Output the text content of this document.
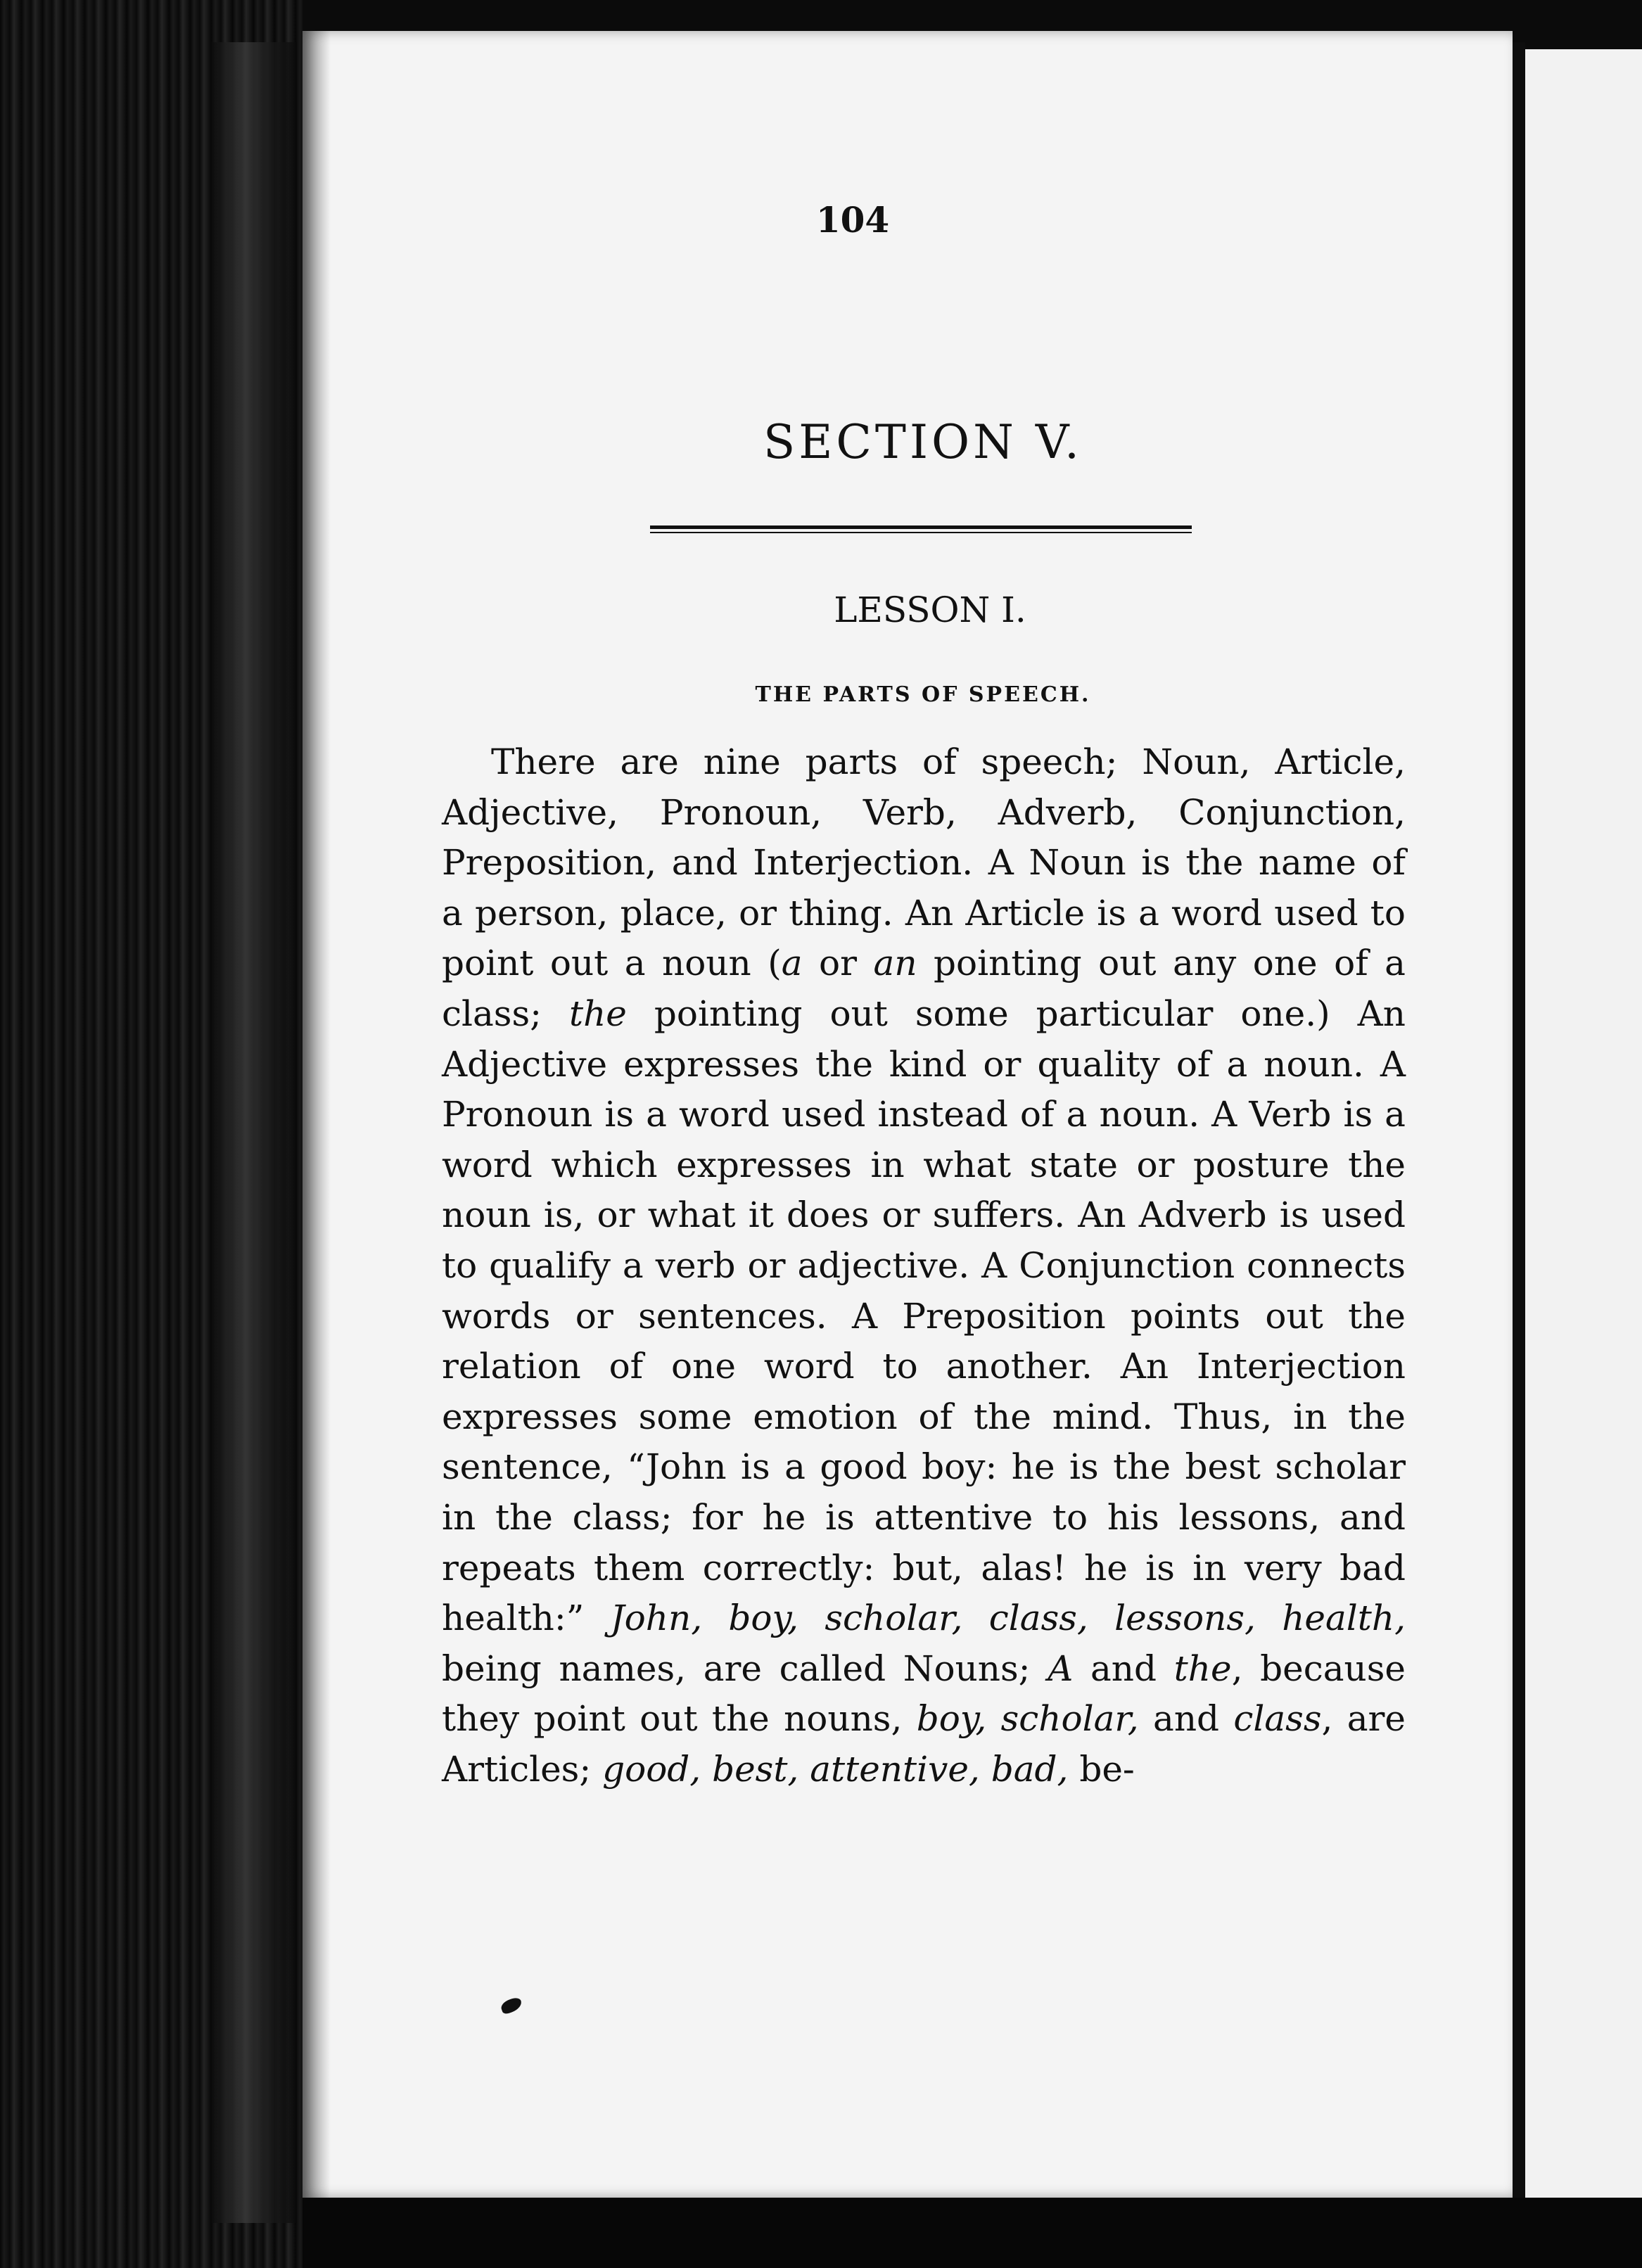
104
SECTION V.
LESSON I.
THE PARTS OF SPEECH.

There are nine parts of speech; Noun, Article, Adjective, Pronoun, Verb, Adverb, Conjunction, Preposition, and Interjection. A Noun is the name of a person, place, or thing. An Article is a word used to point out a noun (a or an pointing out any one of a class; the pointing out some particular one.) An Adjective expresses the kind or quality of a noun. A Pronoun is a word used instead of a noun. A Verb is a word which expresses in what state or posture the noun is, or what it does or suffers. An Adverb is used to qualify a verb or adjective. A Conjunction connects words or sentences. A Preposition points out the relation of one word to another. An Interjection expresses some emotion of the mind. Thus, in the sentence, “John is a good boy: he is the best scholar in the class; for he is attentive to his lessons, and repeats them correctly: but, alas! he is in very bad health:” John, boy, scholar, class, lessons, health, being names, are called Nouns; A and the, because they point out the nouns, boy, scholar, and class, are Articles; good, best, attentive, bad, be-
